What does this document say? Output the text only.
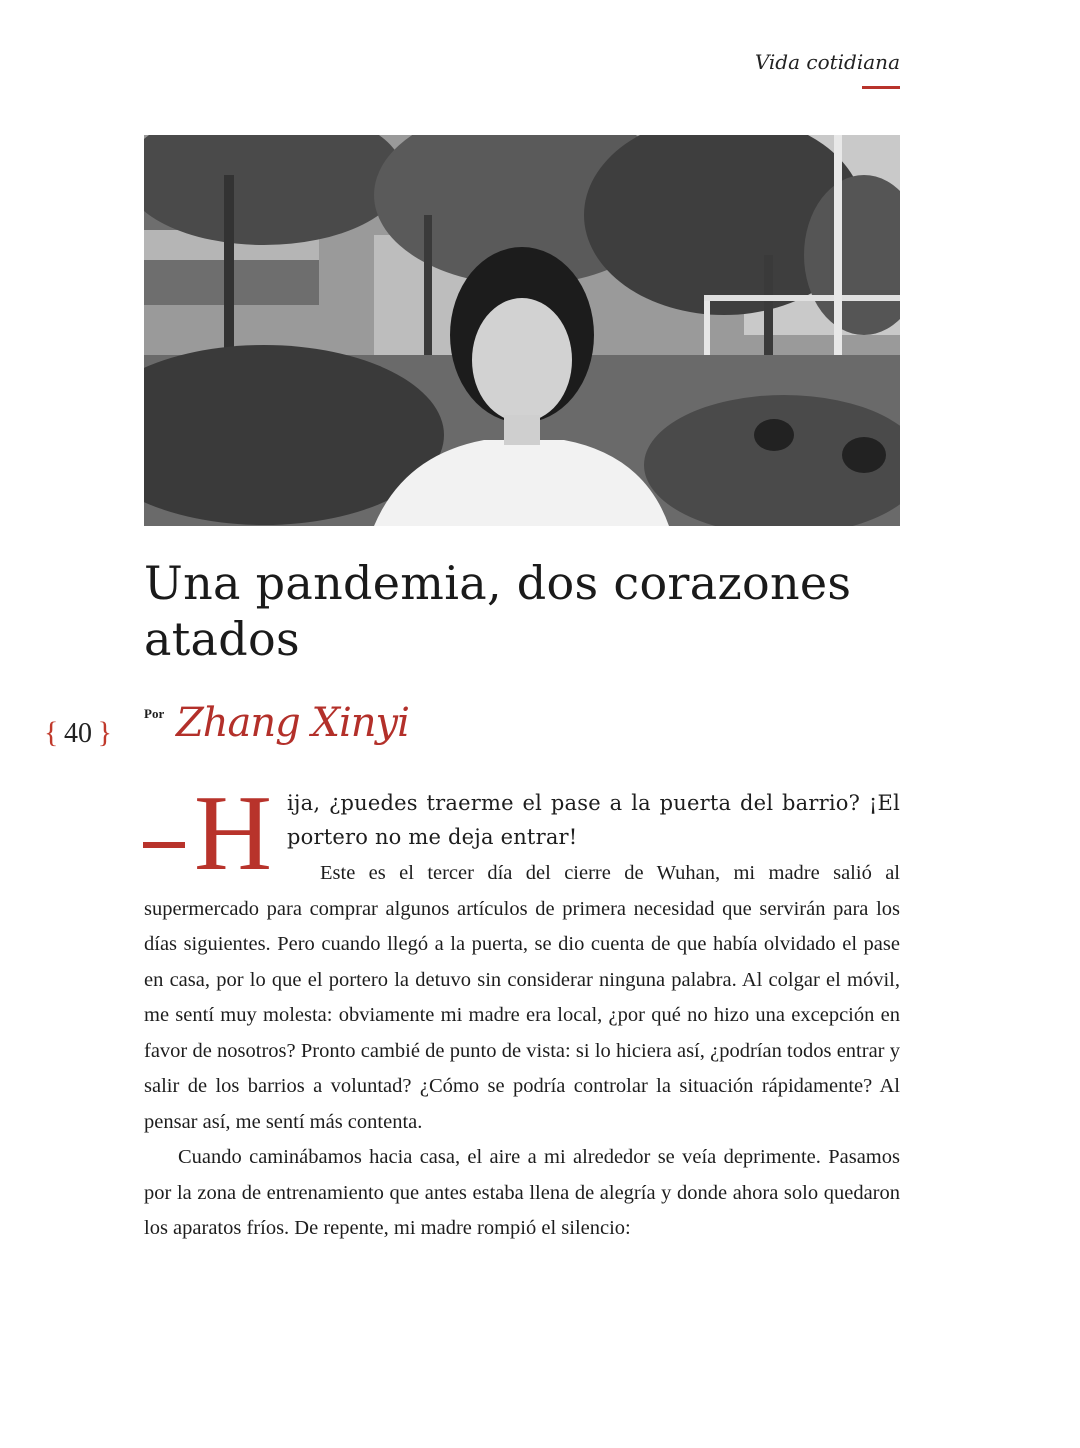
Vida cotidiana
Una pandemia, dos corazones
atados
{  40  }
Por Zhang Xinyi
H ija, ¿puedes traerme el pase a la puerta del barrio? ¡El portero no me deja entrar!

Este es el tercer día del cierre de Wuhan, mi madre salió al supermercado para comprar algunos artículos de primera necesidad que servirán para los días siguientes. Pero cuando llegó a la puerta, se dio cuenta de que había olvidado el pase en casa, por lo que el portero la detuvo sin considerar ninguna palabra. Al colgar el móvil, me sentí muy molesta: obviamente mi madre era local, ¿por qué no hizo una excepción en favor de nosotros? Pronto cambié de punto de vista: si lo hiciera así, ¿podrían todos entrar y salir de los barrios a voluntad? ¿Cómo se podría controlar la situación rápidamente? Al pensar así, me sentí más contenta.

Cuando caminábamos hacia casa, el aire a mi alrededor se veía deprimente. Pasamos por la zona de entrenamiento que antes estaba llena de alegría y donde ahora solo quedaron los aparatos fríos. De repente, mi madre rompió el silencio:
